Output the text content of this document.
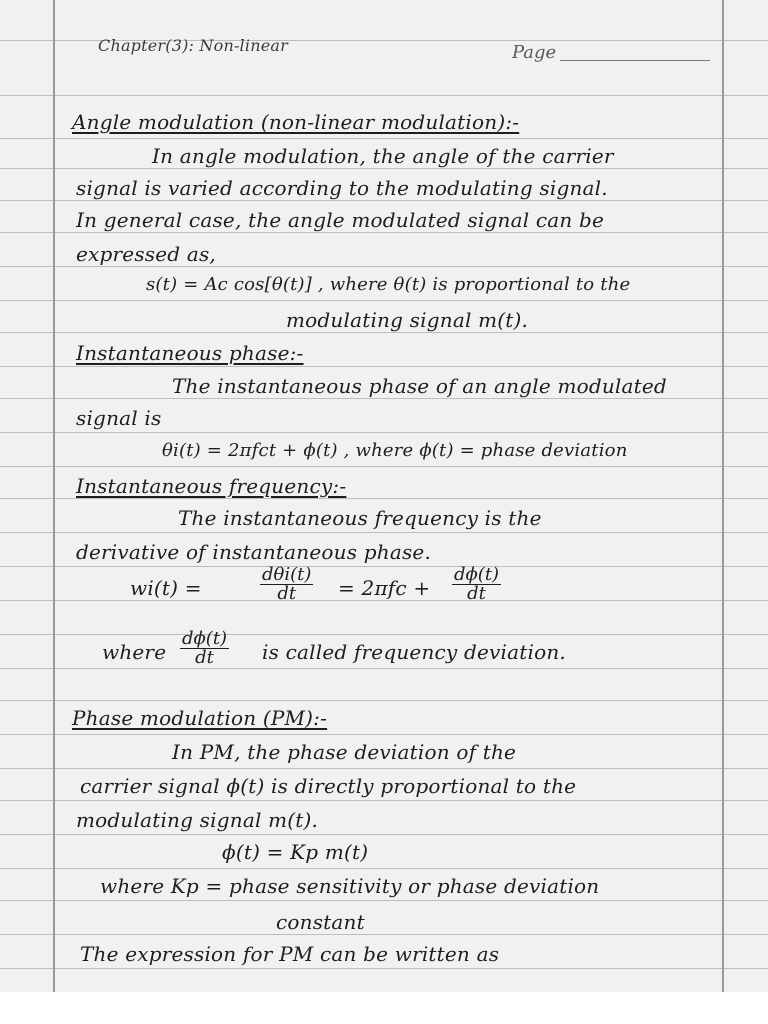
Chapter(3): Non-linear	Page
Angle modulation (non-linear modulation):-
In angle modulation, the angle of the carrier
signal is varied according to the modulating signal.
In general case, the angle modulated signal can be
expressed as,
s(t) = Ac cos[θ(t)] , where θ(t) is proportional to the
modulating signal m(t).
Instantaneous phase:-
The instantaneous phase of an angle modulated
signal is
θi(t) = 2πfct + ϕ(t) , where ϕ(t) = phase deviation
Instantaneous frequency:-
The instantaneous frequency is the
derivative of instantaneous phase.
wi(t) =
dθi(t)
dt	= $2\pi fc + \frac{d\phi(t)}{dt}$
where $\frac{d\phi(t)}{dt}$ is called frequency deviation.
Phase modulation (PM):-
In PM, the phase deviation of the
carrier signal ϕ(t) is directly proportional to the
modulating signal m(t).
ϕ(t) = Kp m(t)
where Kp = phase sensitivity or phase deviation
constant
The expression for PM can be written as
